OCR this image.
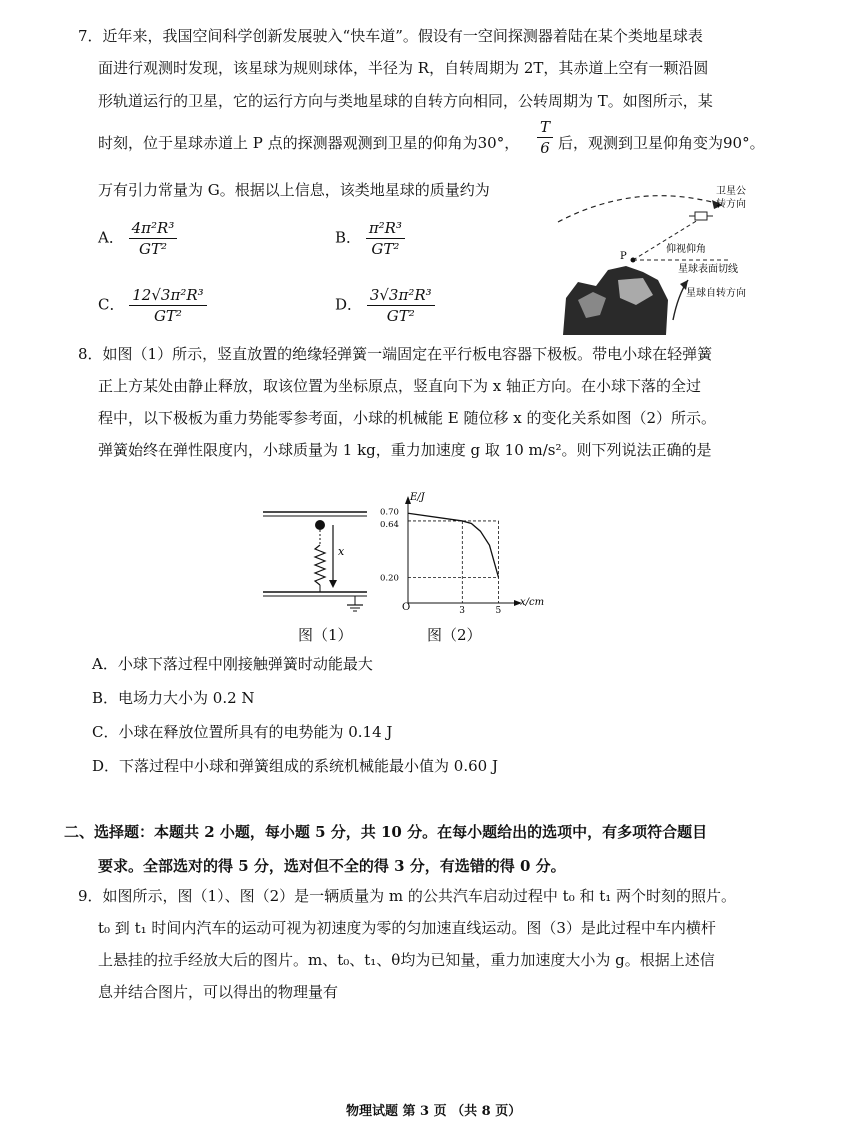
7．近年来，我国空间科学创新发展驶入“快车道”。假设有一空间探测器着陆在某个类地星球表
面进行观测时发现，该星球为规则球体，半径为 R，自转周期为 2T，其赤道上空有一颗沿圆
形轨道运行的卫星，它的运行方向与类地星球的自转方向相同，公转周期为 T。如图所示，某
时刻，位于星球赤道上 P 点的探测器观测到卫星的仰角为30°， $\frac{T}{6}$ 后，观测到卫星仰角变为90°。
万有引力常量为 G。根据以上信息，该类地星球的质量约为
A． $\frac{\text{4π²R³}}{\text{GT²}}$	B． $\frac{\text{π²R³}}{\text{GT²}}$
C． $\frac{\text{12√3π²R³}}{\text{GT²}}$	D． $\frac{\text{3√3π²R³}}{\text{GT²}}$
卫星公
转方向
P
仰视仰角
星球表面切线
星球自转方向
8．如图（1）所示，竖直放置的绝缘轻弹簧一端固定在平行板电容器下极板。带电小球在轻弹簧
正上方某处由静止释放，取该位置为坐标原点，竖直向下为 x 轴正方向。在小球下落的全过
程中，以下极板为重力势能零参考面，小球的机械能 E 随位移 x 的变化关系如图（2）所示。
弹簧始终在弹性限度内，小球质量为 1 kg，重力加速度 g 取 10 m/s²。则下列说法正确的是
x
E/J
x/cm
O
0.70
0.64
0.20
3	5
图（1）	图（2）
A．小球下落过程中刚接触弹簧时动能最大
B．电场力大小为 0.2 N
C．小球在释放位置所具有的电势能为 0.14 J
D．下落过程中小球和弹簧组成的系统机械能最小值为 0.60 J
二、选择题：本题共 2 小题，每小题 5 分，共 10 分。在每小题给出的选项中，有多项符合题目
要求。全部选对的得 5 分，选对但不全的得 3 分，有选错的得 0 分。
9．如图所示，图（1）、图（2）是一辆质量为 m 的公共汽车启动过程中 t₀ 和 t₁ 两个时刻的照片。
t₀ 到 t₁ 时间内汽车的运动可视为初速度为零的匀加速直线运动。图（3）是此过程中车内横杆
上悬挂的拉手经放大后的图片。m、t₀、t₁、θ均为已知量，重力加速度大小为 g。根据上述信
息并结合图片，可以得出的物理量有
物理试题 第 3 页 （共 8 页）
